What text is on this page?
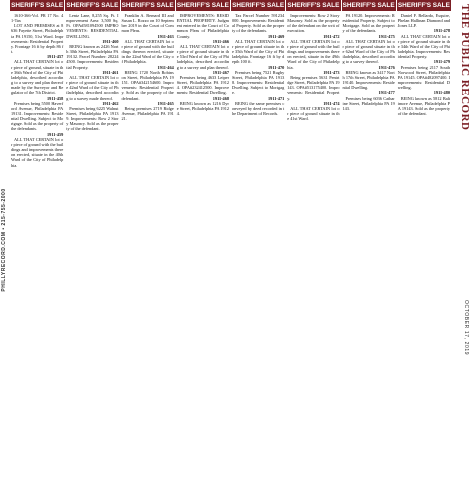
PHILLYRECORD.COM • 215-755-2000
SHERIFF'S SALE SHERIFF'S SALE SHERIFF'S SALE SHERIFF'S SALE SHERIFF'S SALE SHERIFF'S SALE SHERIFF'S SALE SHERIFF'S SALE

1610-366-Vol. PR 17 No. 41-Tax

LOT AND PREMISES at 8636 Fayette Street, Philadelphia PA 19150, 51st Ward. Improvements: Residential Property. Frontage 16 ft by depth 86 ft.

1911-457

ALL THAT CERTAIN lot or piece of ground, situate in the 36th Ward of the City of Philadelphia, described according to a survey and plan thereof made by the Surveyor and Regulator of the 7th District.

1911-458

Premises being 5500 Haverford Avenue, Philadelphia PA 19131. Improvements: Residential Dwelling. Subject to Mortgage. Sold as the property of the defendants.

1911-459

ALL THAT CERTAIN lot or piece of ground with the buildings and improvements thereon erected, situate in the 40th Ward of the City of Philadelphia.

Lentz Lane, 8,255 Sq. Ft. Improvement Area: 3,500 Sq. Ft. OPA#581094500 IMPROVEMENTS: RESIDENTIAL DWELLING.

1911-460

BEING known as 2426 North 30th Street, Philadelphia PA 19132. Parcel Number: 282244500. Improvements: Residential Property.

1911-461

ALL THAT CERTAIN lot or piece of ground situate in the 42nd Ward of the City of Philadelphia, described according to a survey made thereof.

1911-462

Premises being 6225 Walnut Street, Philadelphia PA 19139. Improvements: Row 2 Story Masonry. Sold as the property of the defendant.

Franklin A. Bernard III and Susan L. Rozzo on 10 September 2019 in the Court of Common Pleas.

1911-463

ALL THAT CERTAIN lot or piece of ground with the buildings thereon erected, situate in the 22nd Ward of the City of Philadelphia.

1911-464

BEING 1720 North Robinson Street, Philadelphia PA 19151. OPA#342154600. Improvements: Residential Property. Sold as the property of the defendant.

1911-465

Being premises 2719 Ridge Avenue, Philadelphia PA 19121.

IMPROVEMENTS: RESIDENTIAL PROPERTY. Judgment entered in the Court of Common Pleas of Philadelphia County.

1911-466

ALL THAT CERTAIN lot or piece of ground situate in the 53rd Ward of the City of Philadelphia, described according to a survey and plan thereof.

1911-467

Premises being 4633 Leiper Street, Philadelphia PA 19124. OPA#232412500. Improvements: Residential Dwelling.

1911-468

BEING known as 1216 Dyre Street, Philadelphia PA 19124.

Tax Parcel Number 591234000. Improvements: Residential Property. Sold as the property of the defendants.

1911-469

ALL THAT CERTAIN lot or piece of ground situate in the 35th Ward of the City of Philadelphia. Frontage 16 ft by depth 100 ft.

1911-470

Premises being 7521 Rugby Street, Philadelphia PA 19138. Improvements: Residential Dwelling. Subject to Mortgage.

1911-471

BEING the same premises conveyed by deed recorded in the Department of Records.

Improvements: Row 2 Story Masonry. Sold as the property of the defendant on the writ of execution.

1911-472

ALL THAT CERTAIN lot or piece of ground with the buildings and improvements thereon erected, situate in the 49th Ward of the City of Philadelphia.

1911-473

Being premises 5631 Pentridge Street, Philadelphia PA 19143. OPA#513175400. Improvements: Residential Property.

1911-474

ALL THAT CERTAIN lot or piece of ground situate in the 41st Ward.

PA 19120. Improvements: Residential Property. Subject to Mortgage. Sold as the property of the defendants.

1911-475

ALL THAT CERTAIN lot or piece of ground situate in the 62nd Ward of the City of Philadelphia, described according to a survey thereof.

1911-476

BEING known as 3417 North 17th Street, Philadelphia PA 19140. Improvements: Residential Dwelling.

1911-477

Premises being 6036 Catharine Street, Philadelphia PA 19143.

Daniel F. Bellardo, Esquire, Phelan Hallinan Diamond and Jones LLP.

1911-478

ALL THAT CERTAIN lot or piece of ground situate in the 34th Ward of the City of Philadelphia. Improvements: Residential Property.

1911-479

Premises being 2117 South Norwood Street, Philadelphia PA 19145. OPA#482097400. Improvements: Residential Dwelling.

1911-480

BEING known as 5812 Baltimore Avenue, Philadelphia PA 19143. Sold as the property of the defendant.	THE PUBLIC RECORD
OCTOBER 17, 2019
